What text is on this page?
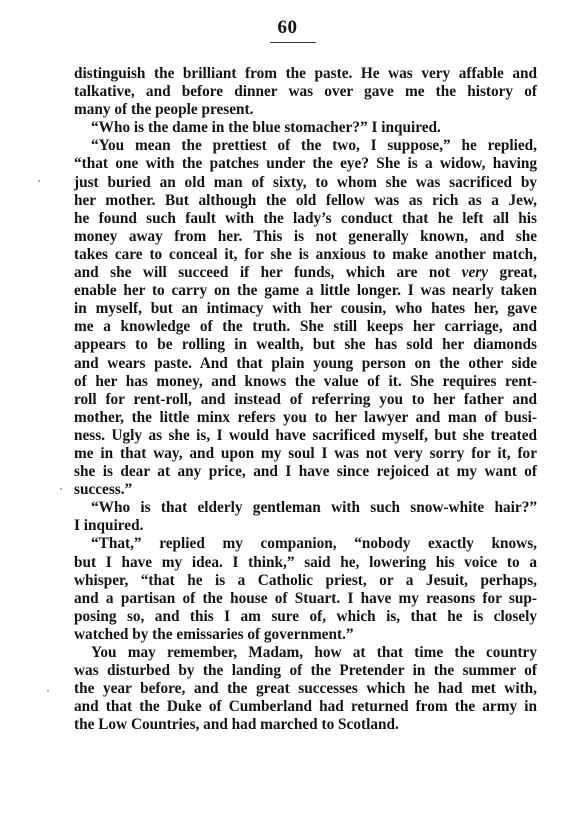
60
distinguish the brilliant from the paste. He was very affable and
talkative, and before dinner was over gave me the history of
many of the people present.
“Who is the dame in the blue stomacher?” I inquired.
“You mean the prettiest of the two, I suppose,” he replied,
“that one with the patches under the eye? She is a widow, having
just buried an old man of sixty, to whom she was sacrificed by
her mother. But although the old fellow was as rich as a Jew,
he found such fault with the lady’s conduct that he left all his
money away from her. This is not generally known, and she
takes care to conceal it, for she is anxious to make another match,
and she will succeed if her funds, which are not very great,
enable her to carry on the game a little longer. I was nearly taken
in myself, but an intimacy with her cousin, who hates her, gave
me a knowledge of the truth. She still keeps her carriage, and
appears to be rolling in wealth, but she has sold her diamonds
and wears paste. And that plain young person on the other side
of her has money, and knows the value of it. She requires rent-
roll for rent-roll, and instead of referring you to her father and
mother, the little minx refers you to her lawyer and man of busi-
ness. Ugly as she is, I would have sacrificed myself, but she treated
me in that way, and upon my soul I was not very sorry for it, for
she is dear at any price, and I have since rejoiced at my want of
success.”
“Who is that elderly gentleman with such snow-white hair?”
I inquired.
“That,” replied my companion, “nobody exactly knows,
but I have my idea. I think,” said he, lowering his voice to a
whisper, “that he is a Catholic priest, or a Jesuit, perhaps,
and a partisan of the house of Stuart. I have my reasons for sup-
posing so, and this I am sure of, which is, that he is closely
watched by the emissaries of government.”
You may remember, Madam, how at that time the country
was disturbed by the landing of the Pretender in the summer of
the year before, and the great successes which he had met with,
and that the Duke of Cumberland had returned from the army in
the Low Countries, and had marched to Scotland.
